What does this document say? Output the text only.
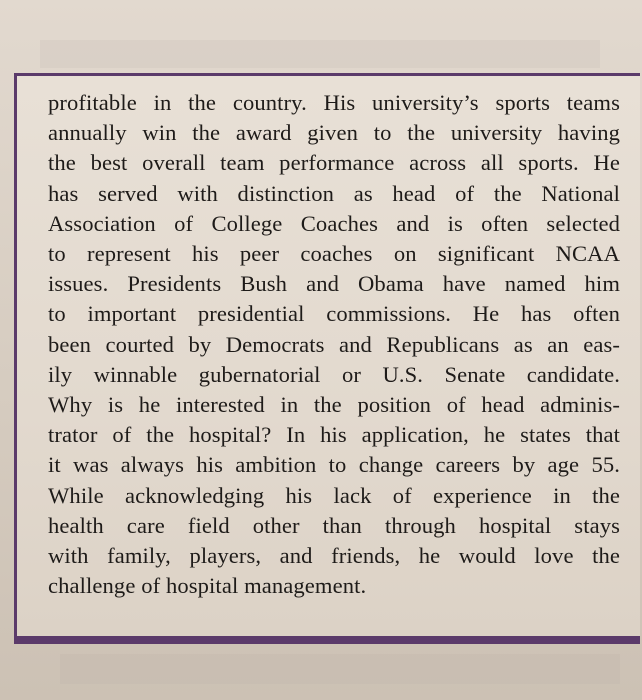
profitable in the country. His university’s sports teams
annually win the award given to the university having
the best overall team performance across all sports. He
has served with distinction as head of the National
Association of College Coaches and is often selected
to represent his peer coaches on significant NCAA
issues. Presidents Bush and Obama have named him
to important presidential commissions. He has often
been courted by Democrats and Republicans as an eas-
ily winnable gubernatorial or U.S. Senate candidate.
Why is he interested in the position of head adminis-
trator of the hospital? In his application, he states that
it was always his ambition to change careers by age 55.
While acknowledging his lack of experience in the
health care field other than through hospital stays
with family, players, and friends, he would love the
challenge of hospital management.
